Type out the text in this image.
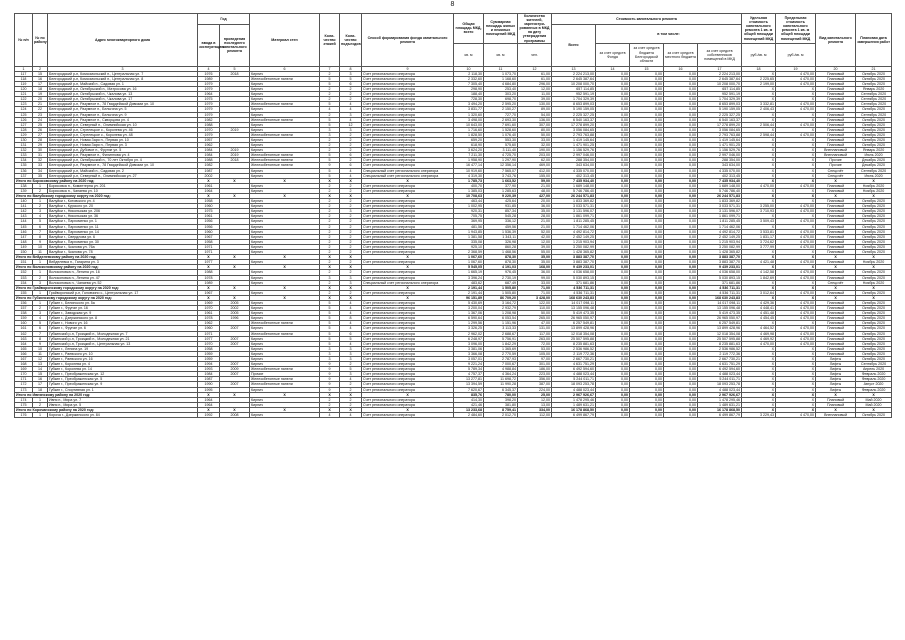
8
№ п/п	№ по району	Адрес многоквартирного дома	Год		Материал стен	Коли-чество этажей	Коли-чество подъездов	Способ формирования фонда капитального ремонта	Общая площадь МКД, всего	Суммарная площадь жилых и нежилых помещений МКД	Количество жителей, зарегистри-рованных в МКД на дату утверждения программы	Стоимость капитального ремонта					Удельная стоимость капитального ремонта 1 кв. м общей площади помещений МКД	Предельная стоимость капитального ремонта 1 кв. м общей площади помещений МКД	Вид капитального ремонта	Плановая дата завершения работ
			ввода в эксплуатацию	проведения последнего капитального ремонта								Всего	в том числе:							
									кв. м	кв. м	чел.		за счет средств Фонда	за счет средств бюджета Белгородской области	за счет средств местного бюджета	за счет средств собственников помещений в МКД	руб./кв. м	руб./кв. м		
1	2	3	4	5	6	7	8	9	10	11	12	13	14	15	16	17	18	19	20	21
117	15	Белгородский р-н, Комсомольский п., Центральная ул. 7	1976	2018	Кирпич	2	3	Счет регионального оператора	2 118,30	1 073,70	61,00	2 224 213,00	0,00	0,00	0,00	2 224 213,00	X	4 470,00	Плановый	Октябрь 2020
118	16	Белгородский р-н, Комсомольский п., Центральная ул. 8	1989		Железобетонные панели	5	5	Счет регионального оператора	2 332,60	1 168,60	61,00	2 645 387,64	0,00	0,00	0,00	2 645 387,64	2 225,65	4 470,00	Плановый	Октябрь 2020
119	17	Белгородский р-н, Майский п., Садовая ул. 1	1979		Кирпич	5	6	Счет регионального оператора	7 305,40	4 684,80	296,00	10 208 000,70	0,00	0,00	0,00	10 208 000,70	2 199,00	4 470,00	Плановый	Октябрь 2020
120	18	Белгородский р-н, Октябрьский п., Матросова ул. 16	1979		Кирпич	2	2	Счет регионального оператора	298,90	253,40	12,00	657 114,85	0,00	0,00	0,00	657 114,85	X	X	Плановый	Январь 2020
121	19	Белгородский р-н, Октябрьский п., Чкалова ул. 13	1964		Кирпич	2	2	Счет регионального оператора	188,40	303,20	11,00	952 591,19	0,00	0,00	0,00	952 591,19	X	X	Плановый	Сентябрь 2020
122	20	Белгородский р-н, Октябрьский п., Чкалова ул. 17	1975		Кирпич	2	2	Счет регионального оператора	728,30	698,70	39,00	1 704 329,39	0,00	0,00	0,00	1 704 329,39	X	X	Плановый	Сентябрь 2020
123	21	Белгородский р-н, Разумное п., 78 Гвардейской Дивизии ул. 10	1979		Железобетонные панели	5	4	Счет регионального оператора	3 494,20	2 595,20	130,00	8 653 899,03	0,00	0,00	0,00	8 653 899,03	3 332,81	4 470,00	Плановый	Сентябрь 2020
124	22	Белгородский р-н, Разумное п., Бельгина ул. 5	1979		Кирпич	4	4	Счет регионального оператора	3 831,77	2 150,27	89,00	5 190 159,05	0,00	0,00	0,00	5 190 159,05	2 406,43	4 470,00	Плановый	Октябрь 2020
125	23	Белгородский р-н, Разумное п., Бельгина ул. 9	1979		Кирпич	2	3	Счет регионального оператора	1 320,60	727,70	54,00	2 225 327,25	0,00	0,00	0,00	2 225 327,25	X	X	Плановый	Сентябрь 2020
126	24	Белгородский р-н, Разумное п., Скворцова ул. 4	1982		Железобетонные панели	5	4	Счет регионального оператора	3 498,00	2 693,30	136,00	6 540 163,37	0,00	0,00	0,00	6 540 163,37	X	X	Плановый	Октябрь 2020
127	25	Белгородский р-н, Северный п., Олимпийская ул. 10	1988		Кирпич	5	12	Счет регионального оператора	10 643,00	7 691,60	307,00	17 278 899,20	0,00	0,00	0,00	17 278 899,20	2 506,44	4 470,00	Плановый	Октябрь 2020
128	26	Белгородский р-н, Стрелецкое с., Королева ул. 46	1970	2019	Кирпич	3	3	Счет регионального оператора	1 716,60	1 528,60	80,00	3 056 084,65	0,00	0,00	0,00	3 056 084,65	X	X	Плановый	Октябрь 2020
129	27	Белгородский р-н, Стрелецкое с., Королева ул. 48	1979		Железобетонные панели	3	2	Счет регионального оператора	1 828,50	1 076,40	50,00	2 793 763,88	0,00	0,00	0,00	2 793 763,88	2 598,44	4 470,00	Плановый	Октябрь 2020
130	28	Белгородский р-н, Новая Заря п., Первая ул. 10	1957		Кирпич	2	2	Счет регионального оператора	659,20	553,30	33,00	1 419 145,64	0,00	0,00	0,00	1 419 145,64	X	X	Плановый	Октябрь 2020
131	29	Белгородский р-н, Новая Заря п., Первая ул. 3	1962		Кирпич	2	2	Счет регионального оператора	618,90	575,60	32,00	1 471 901,25	0,00	0,00	0,00	1 471 901,25	X	X	Плановый	Октябрь 2020
132	30	Белгородский р-н, Дубовое п., Фрунзе ул. 5	1984	2019	Кирпич	2	2	Счет регионального оператора	3 624,20	3 111,40	190,00	1 156 529,76	0,00	0,00	0,00	1 156 529,76	X	X	Внеплановый	Январь 2020
133	31	Белгородский р-н, Разумное п., Филиппова ул. 4	1984	2019	Железобетонные панели	5	6	Счет регионального оператора	7 211,30	4 725,70	203,00	2 997 046,00	0,00	0,00	0,00	2 997 046,00	X	X	Внеплановый	Июль 2020
134	32	Белгородский р-н, Октябрьский п., 70 лет Октября ул. 4	1988	2018	Железобетонные панели	5	2	Счет регионального оператора	1 958,90	1 297,90	62,00	288 354,00	0,00	0,00	0,00	288 354,00	X	X	Прочие	Декабрь 2020
135	33	Белгородский р-н, Разумное п., 78 Гвардейской Дивизии ул. 10	1982		Железобетонные панели	9	6	Счет регионального оператора	16 477,14	12 356,14	469,00	343 634,00	0,00	0,00	0,00	343 634,00	X	X	Прочие	Декабрь 2020
136	34	Белгородский р-н, Майский п., Садовая ул. 2	1987		Кирпич	5	4	Специальный счет регионального оператора	10 919,60	7 565,07	412,00	4 335 070,00	0,00	0,00	0,00	4 335 070,00	X	X	Спецсчёт	Сентябрь 2020
137	35	Белгородский р-н, Северный п., Олимпийская ул. 27	2002		Кирпич	5	4	Специальный счет регионального оператора	4 319,30	3 743,76	155,00	402 313,45	0,00	0,00	0,00	402 313,45	X	X	Спецсчёт	Июнь 2020
Итого по Борисовскому району на 2020 год:			X	X	X	X	X	X	1 785,73	1 663,52	59,00	7 435 934,40	0,00	0,00	0,00	7 435 934,40	X	X	X	X
138	1	Борисовка п., Коминтерна ул. 201	1961		Кирпич	2	2	Счет регионального оператора	400,70	377,90	21,00	1 689 148,00	0,00	0,00	0,00	1 689 148,00	4 470,00	4 470,00	Плановый	Ноябрь 2020
139	2	Борисовка п., Чапаева ул. 10	1964		Кирпич	2	2	Счет регионального оператора	1 385,03	1 285,63	48,00	5 746 786,40	0,00	0,00	0,00	5 746 786,40	X	X	Плановый	Ноябрь 2020
Итого по Валуйскому городскому округу на 2020 год:			X	X	X	X	X	X	10 708,63	9 220,39	427,00	26 244 571,83	0,00	0,00	0,00	26 244 571,83	X	X	X	X
140	1	Валуйки г., Котовского ул. 4	1958		Кирпич	2	2	Счет регионального оператора	463,44	425,64	20,00	1 833 369,82	0,00	0,00	0,00	1 833 369,82	X	X	Плановый	Октябрь 2020
141	2	Валуйки г., Курского ул. 20	1960		Кирпич	2	2	Счет регионального оператора	1 002,95	931,85	36,00	3 033 571,31	0,00	0,00	0,00	3 033 571,31	3 255,00	4 470,00	Плановый	Октябрь 2020
142	3	Валуйки г., Никольская ул. 206	1975		Кирпич	2	3	Счет регионального оператора	920,31	857,34	35,00	3 131 596,07	0,00	0,00	0,00	3 131 596,07	3 710,93	4 470,00	Плановый	Октябрь 2020
143	4	Валуйки г., Никольская ул. 36	1961		Кирпич	2	2	Счет регионального оператора	705,75	545,28	28,00	1 861 099,71	0,00	0,00	0,00	1 861 099,71	X	X	Плановый	Октябрь 2020
144	5	Валуйки г., Пархоменко ул. 1	1956		Кирпич	2	2	Счет регионального оператора	369,95	336,12	21,00	1 811 285,45	0,00	0,00	0,00	1 811 285,45	3 509,43	4 470,00	Плановый	Октябрь 2020
145	6	Валуйки г., Пархоменко ул. 11	1956		Кирпич	2	2	Счет регионального оператора	481,56	459,56	21,00	1 714 462,06	0,00	0,00	0,00	1 714 462,06	X	X	Плановый	Октябрь 2020
146	7	Валуйки г., Пархоменко ул. 14	1960		Кирпич	2	2	Счет регионального оператора	1 943,85	1 536,39	52,00	4 492 814,72	0,00	0,00	0,00	4 492 814,72	3 533,81	4 470,00	Плановый	Октябрь 2020
147	8	Валуйки г., Свердлова ул. 6	1967		Кирпич	2	2	Счет регионального оператора	1 381,58	1 343,11	42,00	2 452 149,25	0,00	0,00	0,00	2 452 149,25	1 831,17	4 470,00	Плановый	Октябрь 2020
148	9	Валуйки г., Пархоменко ул. 30	1958		Кирпич	2	2	Счет регионального оператора	335,08	326,98	12,00	1 215 903,94	0,00	0,00	0,00	1 215 903,94	3 724,62	4 470,00	Плановый	Октябрь 2020
149	10	Валуйки г., Чкалова ул. 76а	1971		Кирпич	2	2	Счет регионального оператора	925,10	860,28	39,00	3 250 082,99	0,00	0,00	0,00	3 250 082,99	3 777,99	4 470,00	Плановый	Октябрь 2020
150	11	Валуйки г., Чкалова ул. 78	1971		Кирпич	2	2	Счет регионального оператора	2 368,59	1 468,56	55,00	1 428 365,82	0,00	0,00	0,00	1 428 365,82	X	X	Плановый	Октябрь 2020
Итого по Вейделевскому району на 2020 год:			X	X	X	X	X	X	1 067,60	878,30	35,00	3 883 387,70	0,00	0,00	0,00	3 883 387,70	X	X	X	X
151	1	Вейделевка п., Гагарина ул. 3	1977		Кирпич	2	2	Счет регионального оператора	1 067,60	878,30	35,00	3 883 387,70	0,00	0,00	0,00	3 883 387,70	4 421,48	4 470,00	Плановый	Ноябрь 2020
Итого по Волоконовскому району на 2020 год:			X	X	X	X	X	X	5 545,05	4 191,03	168,00	9 439 233,01	0,00	0,00	0,00	9 439 233,01	X	X	X	X
152	1	Волоконовка п., Ленина ул. 16	1988		Кирпич	2	2	Счет регионального оператора	1 665,19	976,45	36,00	4 036 658,00	0,00	0,00	0,00	4 036 658,00	4 142,58	4 470,00	Плановый	Октябрь 2020
153	2	Волоконовка п., Ленина ул. 47	1978		Кирпич	3	3	Счет регионального оператора	3 396,24	2 730,19	99,00	5 030 893,15	0,00	0,00	0,00	5 030 893,15	1 842,69	4 470,00	Плановый	Октябрь 2020
154	3	Волоконовка п., Чапаева ул. 52	1989		Кирпич	2	3	Специальный счет регионального оператора	483,62	687,49	33,00	371 681,86	0,00	0,00	0,00	371 681,86	X	X	Спецсчёт	Ноябрь 2020
Итого по Грайворонскому городскому округу на 2020 год:			X	X	X	X	X	X	2 191,44	1 505,80	71,00	4 536 711,31	0,00	0,00	0,00	4 536 711,31	X	X	X	X
155	1	Грайворонский р-н, Головчино с., Центральная ул. 17	1967		Кирпич	2	2	Счет регионального оператора	2 191,44	1 505,80	71,00	4 536 711,31	0,00	0,00	0,00	4 536 711,31	3 012,64	4 470,00	Плановый	Октябрь 2020
Итого по Губкинскому городскому округу на 2020 год:			X	X	X	X	X	X	96 151,89	86 709,20	3 428,00	168 630 243,83	0,00	0,00	0,00	168 630 243,83	X	X	X	X
156	1	Губкин г., Белинского ул. 5а	1969	2005	Кирпич	5	4	Счет регионального оператора	5 430,69	3 164,72	122,00	14 017 098,11	0,00	0,00	0,00	14 017 098,11	4 429,36	4 470,00	Плановый	Октябрь 2020
157	2	Губкин г., Фрунзе ул. 16	1970	2002	Кирпич	5	4	Счет регионального оператора	3 200,04	2 932,79	110,00	13 155 096,48	0,00	0,00	0,00	13 155 096,48	4 448,41	4 470,00	Плановый	Октябрь 2020
158	3	Губкин г., Заводская ул. 9	1961	2005	Кирпич	5	4	Счет регионального оператора	1 367,06	1 208,98	50,00	5 419 473,35	0,00	0,00	0,00	5 419 473,35	4 451,48	4 470,00	Плановый	Октябрь 2020
159	4	Губкин г., Дзержинского ул. 8	1978	1996	Кирпич	5	8	Счет регионального оператора	6 590,64	6 053,54	265,00	26 965 050,97	0,00	0,00	0,00	26 965 050,97	4 454,45	4 470,00	Плановый	Октябрь 2020
160	5	Губкин г., Нового ул. 16	1962		Железобетонные панели	5	4	Счет регионального оператора	1 299,56	1 151,96	47,00	6 257 549,81	0,00	0,00	0,00	6 257 549,81	X	X	Плановый	Октябрь 2020
161	6	Губкин г., Фрунзе ул. 6	1960	2007	Кирпич	5	4	Счет регионального оператора	3 326,25	3 113,33	131,00	13 899 428,96	0,00	0,00	0,00	13 899 428,96	4 464,52	4 470,00	Плановый	Октябрь 2020
162	7	Губкинский р-н, Троицкий п., Молодежная ул. 7	1971		Железобетонные панели	5	6	Счет регионального оператора	2 962,02	2 688,67	117,00	12 018 354,08	0,00	0,00	0,00	12 018 354,08	4 469,98	4 470,00	Плановый	Октябрь 2020
163	8	Губкинский р-н, Троицкий п., Молодежная ул. 21	1977	2007	Кирпич	5	5	Счет регионального оператора	6 248,97	5 756,91	263,00	25 507 595,88	0,00	0,00	0,00	25 507 595,88	4 469,92	4 470,00	Плановый	Октябрь 2020
164	9	Губкинский р-н, Троицкий п., Центральная ул. 13	1970	2007	Кирпич	5	4	Счет регионального оператора	3 096,00	1 842,29	72,00	8 235 881,63	0,00	0,00	0,00	8 235 881,63	4 470,00	4 470,00	Плановый	Октябрь 2020
165	10	Губкин г., Ленина ул. 19	1958		Кирпич	3	3	Счет регионального оператора	3 381,06	1 365,69	53,00	2 536 986,52	0,00	0,00	0,00	2 536 986,52	X	X	Плановый	Октябрь 2020
166	11	Губкин г., Раевского ул. 10	1959		Кирпич	3	3	Счет регионального оператора	3 366,08	2 770,59	105,00	2 119 772,36	0,00	0,00	0,00	2 119 772,36	X	X	Плановый	Октябрь 2020
167	12	Губкин г., Раевского ул. 16	1959		Кирпич	3	3	Счет регионального оператора	3 057,01	2 787,93	97,00	2 667 730,21	0,00	0,00	0,00	2 667 730,21	X	X	Лифты	Октябрь 2020
168	13	Губкин г., Королева ул. 4	1994	2007	Кирпич	9	2	Счет регионального оператора	9 221,24	7 000,67	301,00	4 631 751,29	0,00	0,00	0,00	4 631 751,29	X	X	Лифты	Сентябрь 2020
169	14	Губкин г., Королева ул. 14	1993	2009	Железобетонные панели	9	5	Счет регионального оператора	5 789,34	4 988,84	186,00	6 492 594,60	0,00	0,00	0,00	6 492 594,60	X	X	Лифты	Апрель 2020
170	15	Губкин г., Преображенская ул. 12	1984	2007	Прочие	9	3	Счет регионального оператора	4 757,37	4 364,24	223,00	4 488 023,44	0,00	0,00	0,00	4 488 023,44	X	X	Лифты	Февраль 2020
171	16	Губкин г., Преображенская ул. 5	1987		Железобетонные панели	9	4	Счет регионального оператора	13 277,81	11 698,72	356,00	5 244 011,71	0,00	0,00	0,00	5 244 011,71	X	X	Лифты	Февраль 2020
172	17	Губкин г., Преображенская ул. 9	1990	2007	Железобетонные панели	9	2	Счет регионального оператора	13 394,59	11 990,28	387,00	18 093 253,78	0,00	0,00	0,00	18 093 253,78	X	X	Лифты	Август 2020
173	18	Губкин г., Спортивная ул. 1	1995		Кирпич	9	2	Счет регионального оператора	7 620,67	6 345,37	224,00	4 488 023,44	0,00	0,00	0,00	4 488 023,44	X	X	Лифты	Февраль 2020
Итого по Ивнянскому району на 2020 год:			X	X	X	X	X	X	835,76	780,00	25,00	2 967 926,67	0,00	0,00	0,00	2 967 926,67	X	X	X	X
174	1	Ивня п., Мира ул. 7	1964		Кирпич	2	2	Счет регионального оператора	414,30	398,20	12,00	1 478 295,46	0,00	0,00	0,00	1 478 295,46	X	X	Плановый	Май 2020
175	2	Ивня п., Мира ул. 5	1964		Кирпич	2	2	Счет регионального оператора	421,46	381,80	13,00	1 489 631,21	0,00	0,00	0,00	1 489 631,21	X	X	Плановый	Май 2020
Итого по Корочанскому району на 2020 год:			X	X	X	X	X	X	13 233,68	8 759,41	334,00	16 178 868,50	0,00	0,00	0,00	16 178 868,50	X	X	X	X
176	1	Короча г., Дзержинского ул. 84	1992	2008	Кирпич	4	4	Счет регионального оператора	2 484,60	2 012,70	112,00	6 499 867,79	0,00	0,00	0,00	6 499 867,79	3 229,43	4 470,00	Внеплановый	Октябрь 2020
